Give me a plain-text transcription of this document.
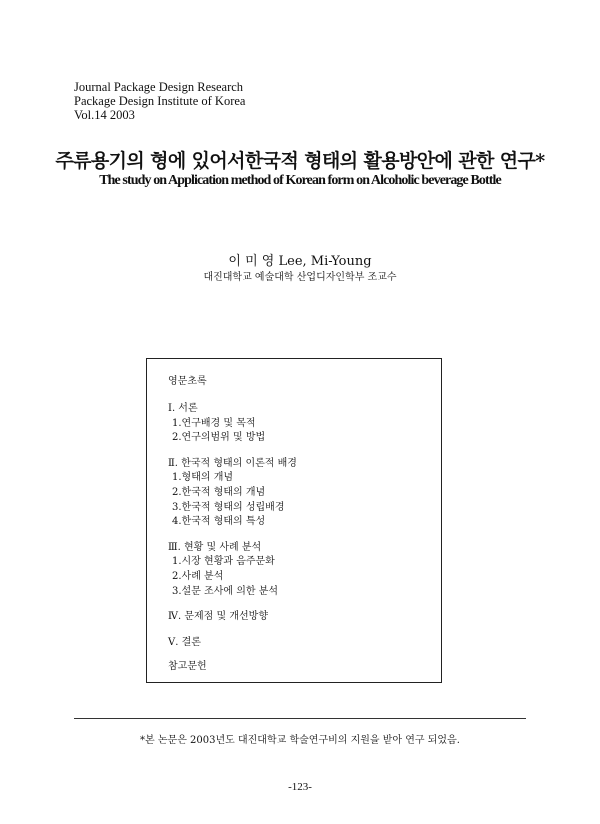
Journal Package Design Research
Package Design Institute of Korea
Vol.14 2003
주류용기의 형에 있어서한국적 형태의 활용방안에 관한 연구*
The study on Application method of Korean form on Alcoholic beverage Bottle
이 미 영 Lee, Mi-Young
대진대학교 예술대학 산업디자인학부 조교수
영문초록
Ⅰ. 서론
1.연구배경 및 목적
2.연구의범위 및 방법
Ⅱ. 한국적 형태의 이론적 배경
1.형태의 개념
2.한국적 형태의 개념
3.한국적 형태의 성립배경
4.한국적 형태의 특성
Ⅲ. 현황 및 사례 분석
1.시장 현황과 음주문화
2.사례 분석
3.설문 조사에 의한 분석
Ⅳ. 문제점 및 개선방향
Ⅴ. 결론
참고문헌
*본 논문은 2003년도 대진대학교 학술연구비의 지원을 받아 연구 되었음.
-123-
